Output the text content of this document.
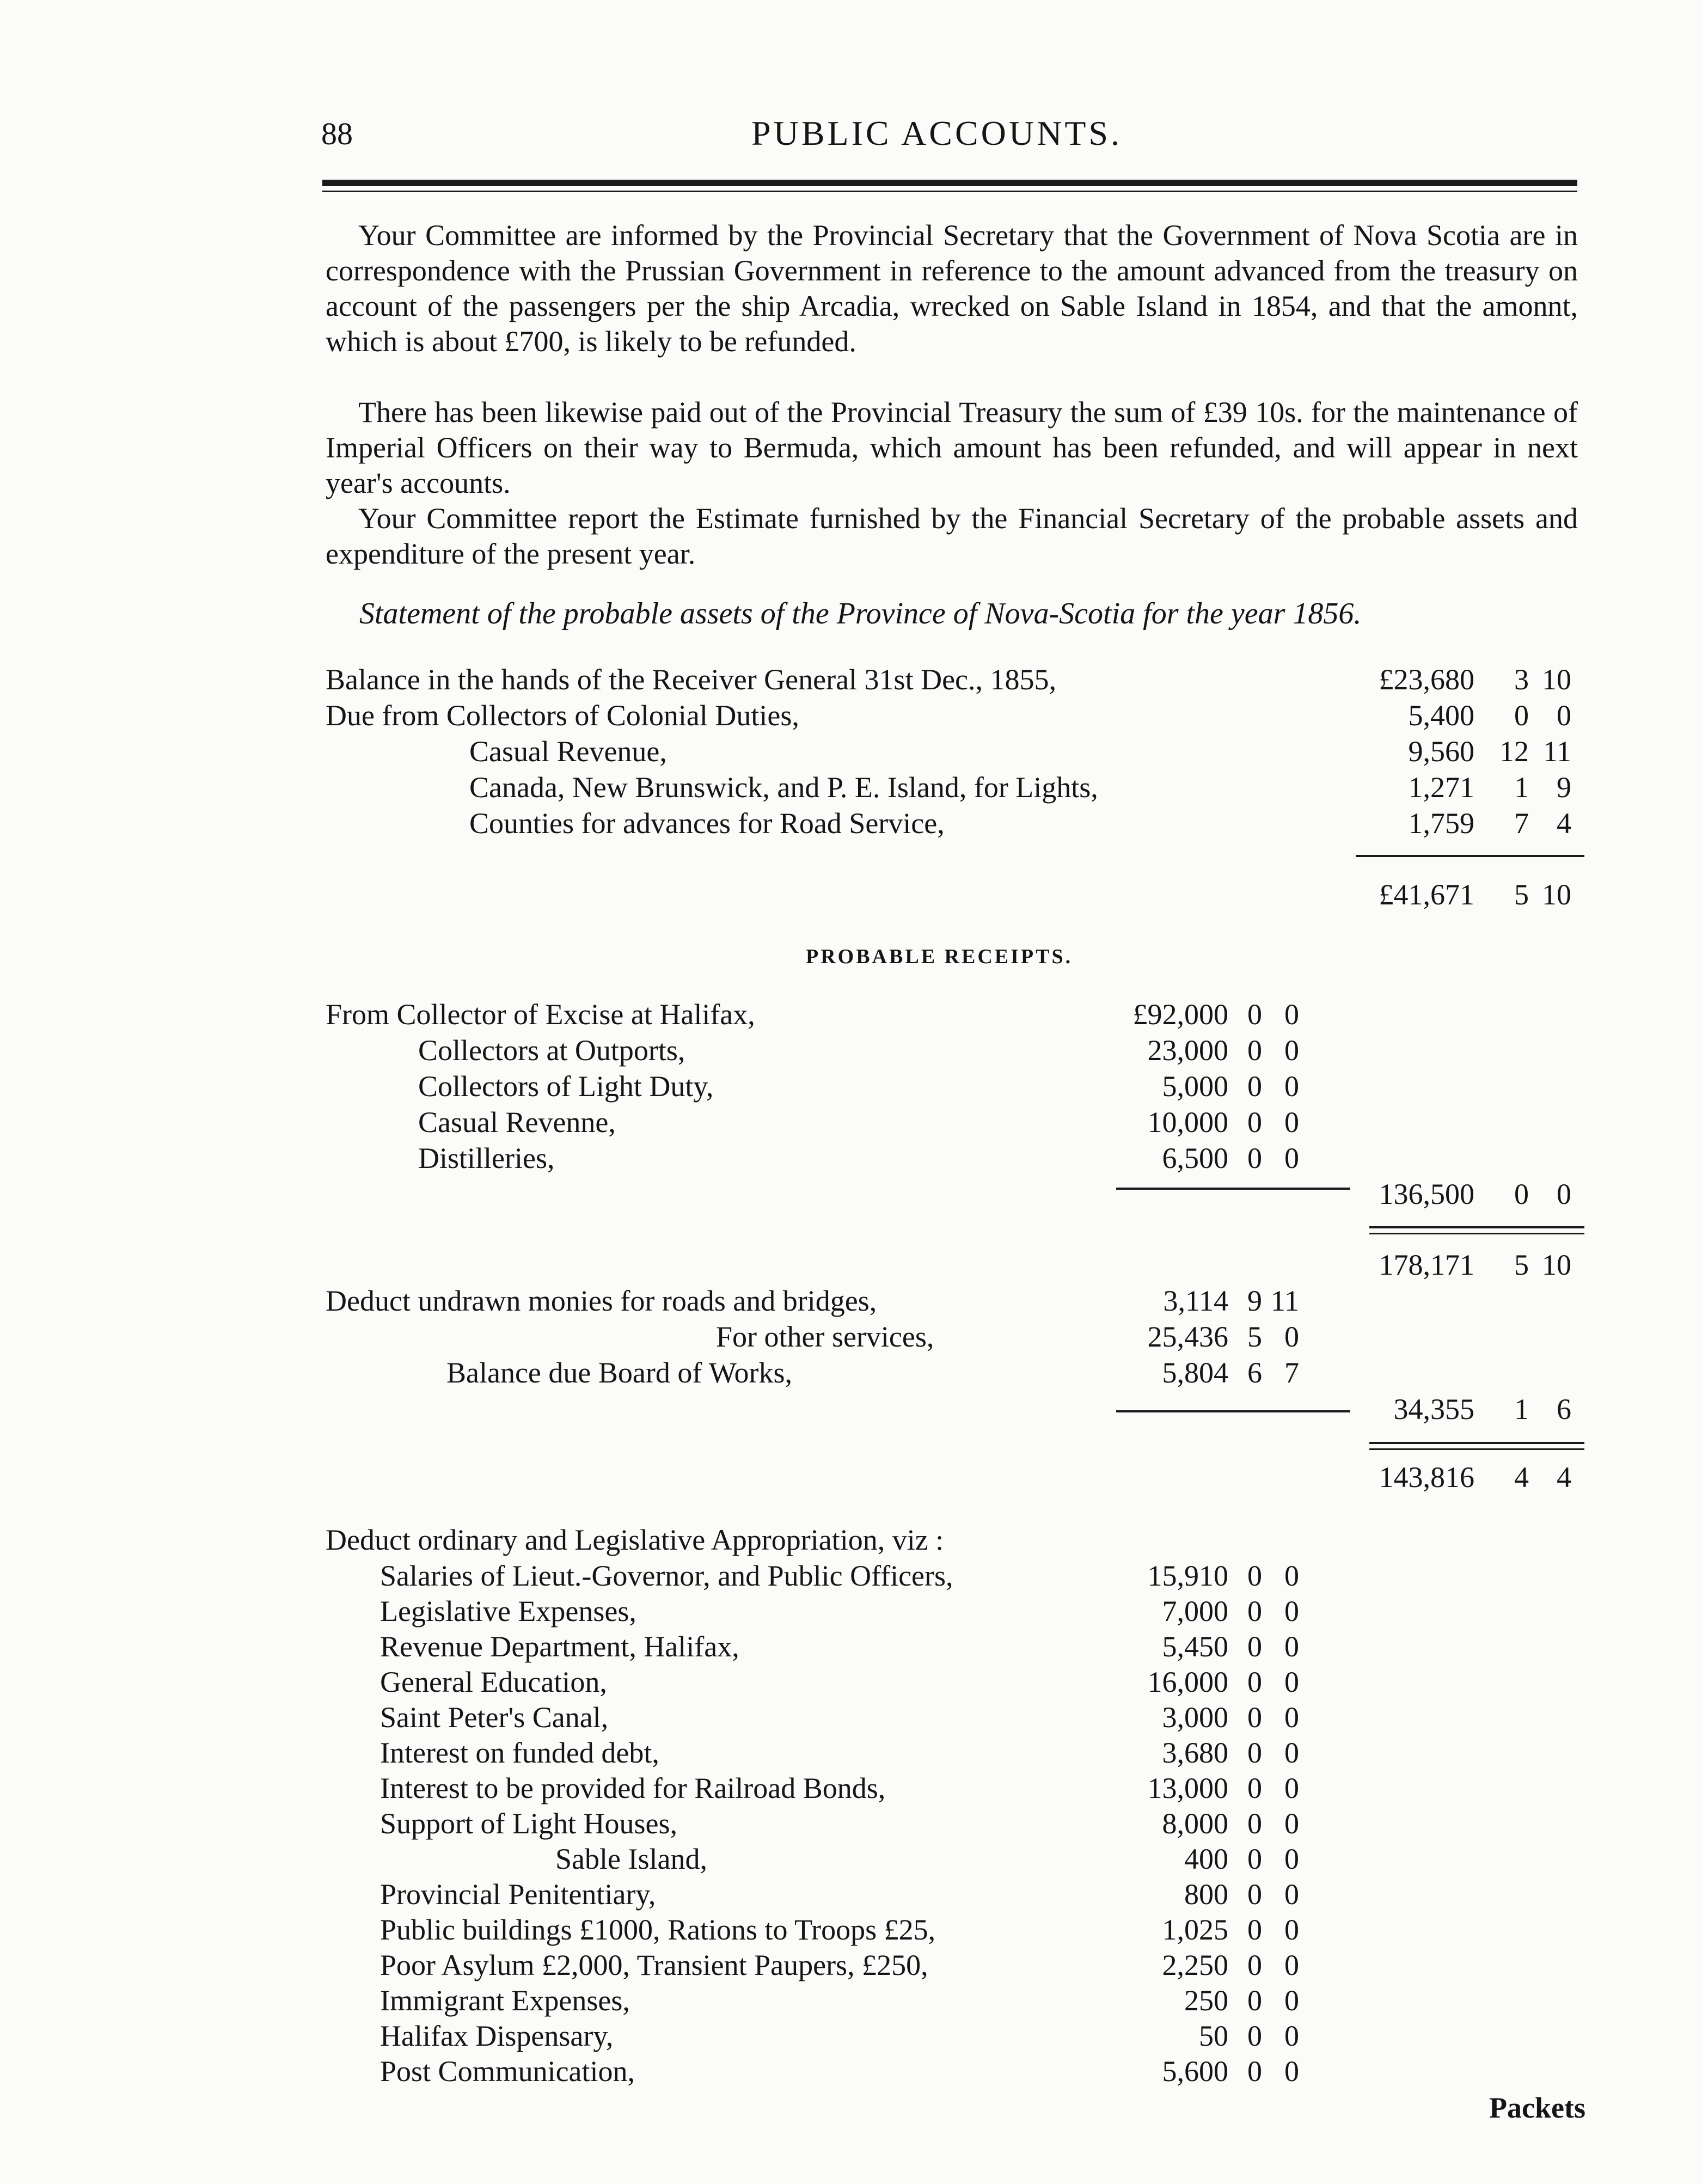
88	PUBLIC ACCOUNTS.
Your Committee are informed by the Provincial Secretary that the Government of Nova Scotia are in correspondence with the Prussian Government in reference to the amount advanced from the treasury on account of the passengers per the ship Arcadia, wrecked on Sable Island in 1854, and that the amonnt, which is about £700, is likely to be refunded.
There has been likewise paid out of the Provincial Treasury the sum of £39 10s. for the maintenance of Imperial Officers on their way to Bermuda, which amount has been refunded, and will appear in next year's accounts.
Your Committee report the Estimate furnished by the Financial Secretary of the probable assets and expenditure of the present year.
Statement of the probable assets of the Province of Nova-Scotia for the year 1856.
Balance in the hands of the Receiver General 31st Dec., 1855,	£23,680 3 10
Due from Collectors of Colonial Duties,	5,400 0 0
Casual Revenue,	9,560 12 11
Canada, New Brunswick, and P. E. Island, for Lights,	1,271 1 9
Counties for advances for Road Service,	1,759 7 4
£41,671 5 10
PROBABLE RECEIPTS.
From Collector of Excise at Halifax,	£92,000 0 0
Collectors at Outports,	23,000 0 0
Collectors of Light Duty,	5,000 0 0
Casual Revenne,	10,000 0 0
Distilleries,	6,500 0 0
136,500 0 0
178,171 5 10
Deduct undrawn monies for roads and bridges,	3,114 9 11
For other services,	25,436 5 0
Balance due Board of Works,	5,804 6 7
34,355 1 6
143,816 4 4
Deduct ordinary and Legislative Appropriation, viz :
Salaries of Lieut.-Governor, and Public Officers,	15,910 0 0
Legislative Expenses,	7,000 0 0
Revenue Department, Halifax,	5,450 0 0
General Education,	16,000 0 0
Saint Peter's Canal,	3,000 0 0
Interest on funded debt,	3,680 0 0
Interest to be provided for Railroad Bonds,	13,000 0 0
Support of Light Houses,	8,000 0 0
Sable Island,	400 0 0
Provincial Penitentiary,	800 0 0
Public buildings £1000, Rations to Troops £25,	1,025 0 0
Poor Asylum £2,000, Transient Paupers, £250,	2,250 0 0
Immigrant Expenses,	250 0 0
Halifax Dispensary,	50 0 0
Post Communication,	5,600 0 0
Packets
